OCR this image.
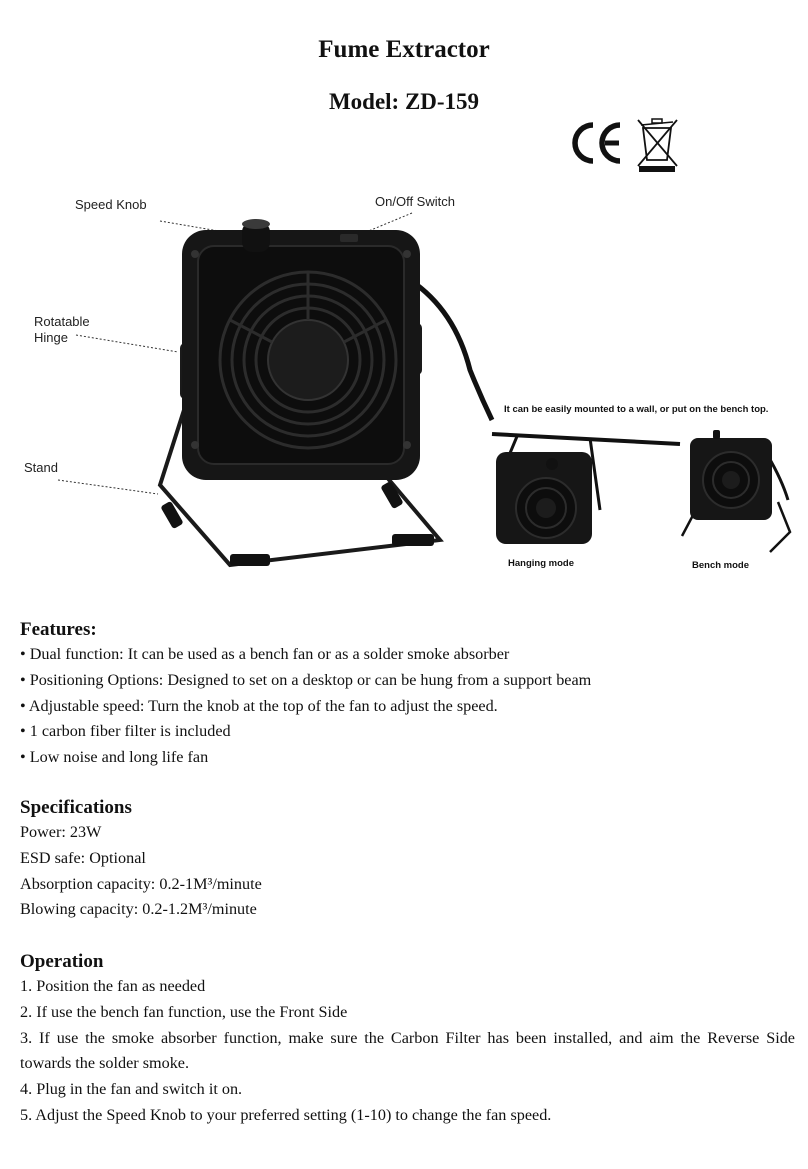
Fume Extractor
Model: ZD-159
Speed Knob	On/Off Switch
Rotatable
Hinge
Stand
It can be easily mounted to a wall, or put on the bench top.
Hanging mode	Bench mode
Features:
• Dual function: It can be used as a bench fan or as a solder smoke absorber
• Positioning Options: Designed to set on a desktop or can be hung from a support beam
• Adjustable speed: Turn the knob at the top of the fan to adjust the speed.
• 1 carbon fiber filter is included
• Low noise and long life fan
Specifications
Power: 23W
ESD safe: Optional
Absorption capacity: 0.2-1M³/minute
Blowing capacity: 0.2-1.2M³/minute
Operation
1. Position the fan as needed
2. If use the bench fan function, use the Front Side
3. If use the smoke absorber function, make sure the Carbon Filter has been installed, and aim the Reverse Side towards the solder smoke.
4. Plug in the fan and switch it on.
5. Adjust the Speed Knob to your preferred setting (1-10) to change the fan speed.
